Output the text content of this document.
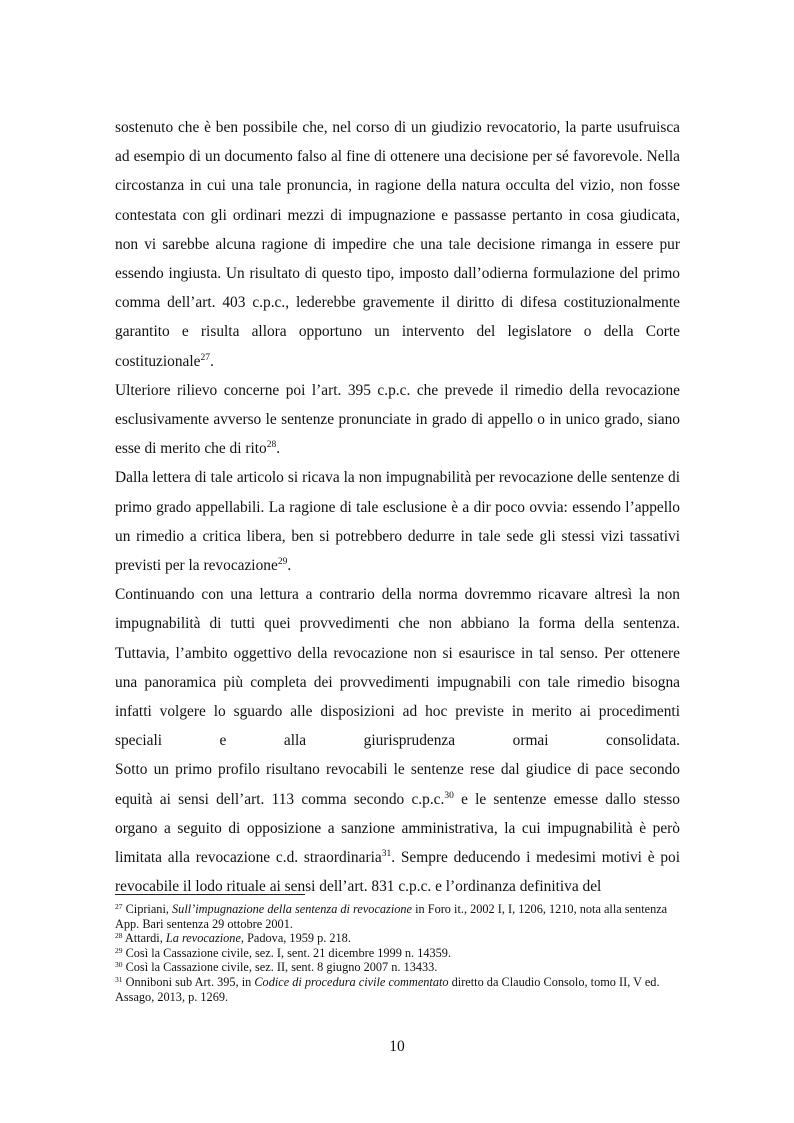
sostenuto che è ben possibile che, nel corso di un giudizio revocatorio, la parte usufruisca ad esempio di un documento falso al fine di ottenere una decisione per sé favorevole. Nella circostanza in cui una tale pronuncia, in ragione della natura occulta del vizio, non fosse contestata con gli ordinari mezzi di impugnazione e passasse pertanto in cosa giudicata, non vi sarebbe alcuna ragione di impedire che una tale decisione rimanga in essere pur essendo ingiusta. Un risultato di questo tipo, imposto dall’odierna formulazione del primo comma dell’art. 403 c.p.c., lederebbe gravemente il diritto di difesa costituzionalmente garantito e risulta allora opportuno un intervento del legislatore o della Corte costituzionale$^{27}$.

Ulteriore rilievo concerne poi l’art. 395 c.p.c. che prevede il rimedio della revocazione esclusivamente avverso le sentenze pronunciate in grado di appello o in unico grado, siano esse di merito che di rito$^{28}$.

Dalla lettera di tale articolo si ricava la non impugnabilità per revocazione delle sentenze di primo grado appellabili. La ragione di tale esclusione è a dir poco ovvia: essendo l’appello un rimedio a critica libera, ben si potrebbero dedurre in tale sede gli stessi vizi tassativi previsti per la revocazione$^{29}$.

Continuando con una lettura a contrario della norma dovremmo ricavare altresì la non impugnabilità di tutti quei provvedimenti che non abbiano la forma della sentenza. Tuttavia, l’ambito oggettivo della revocazione non si esaurisce in tal senso. Per ottenere una panoramica più completa dei provvedimenti impugnabili con tale rimedio bisogna infatti volgere lo sguardo alle disposizioni ad hoc previste in merito ai procedimenti speciali e alla giurisprudenza ormai consolidata.

Sotto un primo profilo risultano revocabili le sentenze rese dal giudice di pace secondo equità ai sensi dell’art. 113 comma secondo c.p.c.$^{30}$ e le sentenze emesse dallo stesso organo a seguito di opposizione a sanzione amministrativa, la cui impugnabilità è però limitata alla revocazione c.d. straordinaria$^{31}$. Sempre deducendo i medesimi motivi è poi revocabile il lodo rituale ai sensi dell’art. 831 c.p.c. e l’ordinanza definitiva del

$^{27}$ Cipriani, Sull’impugnazione della sentenza di revocazione in Foro it., 2002 I, I, 1206, 1210, nota alla sentenza App. Bari sentenza 29 ottobre 2001.

$^{28}$ Attardi, La revocazione, Padova, 1959 p. 218.

$^{29}$ Così la Cassazione civile, sez. I, sent. 21 dicembre 1999 n. 14359.

$^{30}$ Così la Cassazione civile, sez. II, sent. 8 giugno 2007 n. 13433.

$^{31}$ Onniboni sub Art. 395, in Codice di procedura civile commentato diretto da Claudio Consolo, tomo II, V ed. Assago, 2013, p. 1269.

10
